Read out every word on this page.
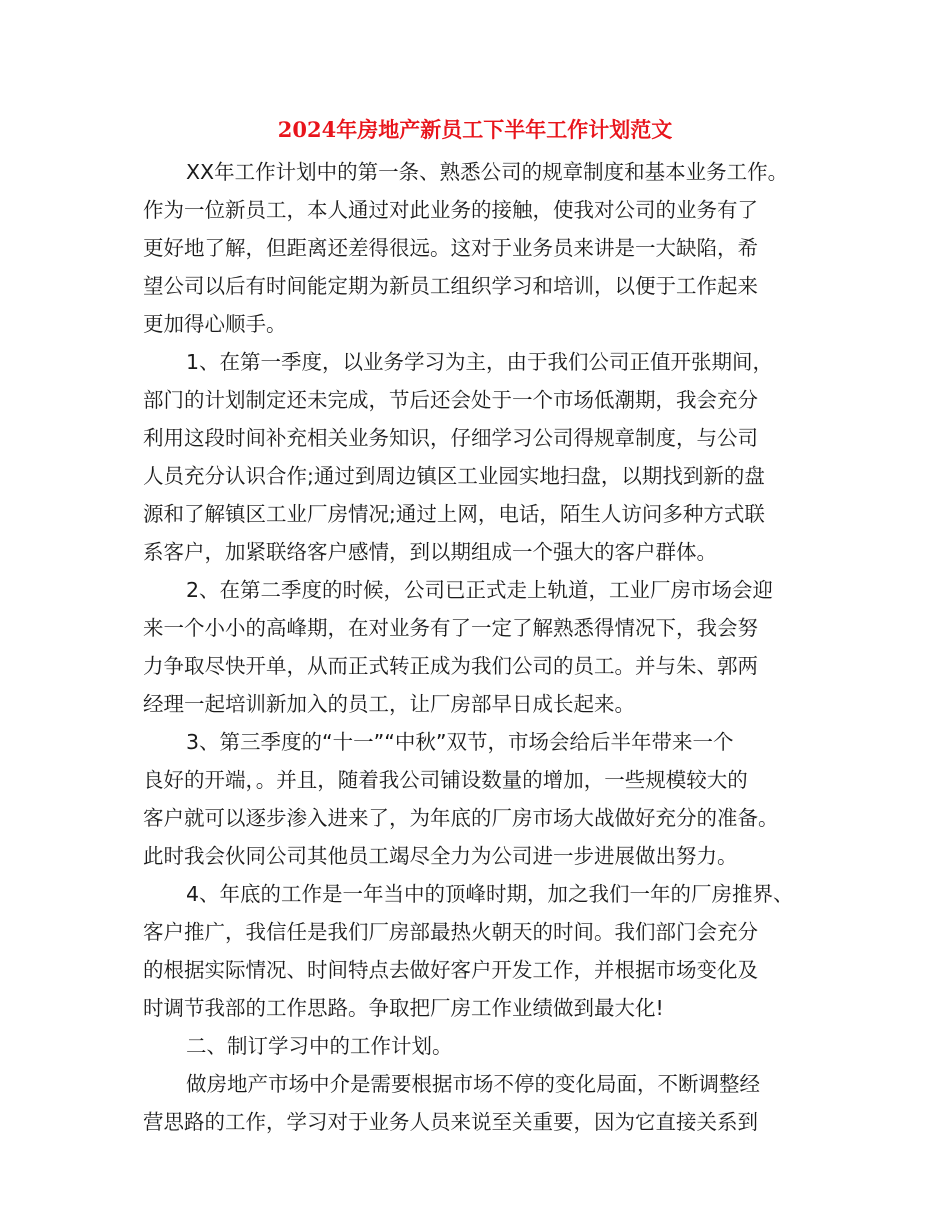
2024年房地产新员工下半年工作计划范文

XX年工作计划中的第一条、熟悉公司的规章制度和基本业务工作。

作为一位新员工，本人通过对此业务的接触，使我对公司的业务有了

更好地了解，但距离还差得很远。这对于业务员来讲是一大缺陷，希

望公司以后有时间能定期为新员工组织学习和培训，以便于工作起来

更加得心顺手。

1、在第一季度，以业务学习为主，由于我们公司正值开张期间，

部门的计划制定还未完成，节后还会处于一个市场低潮期，我会充分

利用这段时间补充相关业务知识，仔细学习公司得规章制度，与公司

人员充分认识合作;通过到周边镇区工业园实地扫盘，以期找到新的盘

源和了解镇区工业厂房情况;通过上网，电话，陌生人访问多种方式联

系客户，加紧联络客户感情，到以期组成一个强大的客户群体。

2、在第二季度的时候，公司已正式走上轨道，工业厂房市场会迎

来一个小小的高峰期，在对业务有了一定了解熟悉得情况下，我会努

力争取尽快开单，从而正式转正成为我们公司的员工。并与朱、郭两

经理一起培训新加入的员工，让厂房部早日成长起来。

3、第三季度的“十一”“中秋”双节，市场会给后半年带来一个

良好的开端，。并且，随着我公司铺设数量的增加，一些规模较大的

客户就可以逐步渗入进来了，为年底的厂房市场大战做好充分的准备。

此时我会伙同公司其他员工竭尽全力为公司进一步进展做出努力。

4、年底的工作是一年当中的顶峰时期，加之我们一年的厂房推界、

客户推广，我信任是我们厂房部最热火朝天的时间。我们部门会充分

的根据实际情况、时间特点去做好客户开发工作，并根据市场变化及

时调节我部的工作思路。争取把厂房工作业绩做到最大化!

二、制订学习中的工作计划。

做房地产市场中介是需要根据市场不停的变化局面，不断调整经

营思路的工作，学习对于业务人员来说至关重要，因为它直接关系到
